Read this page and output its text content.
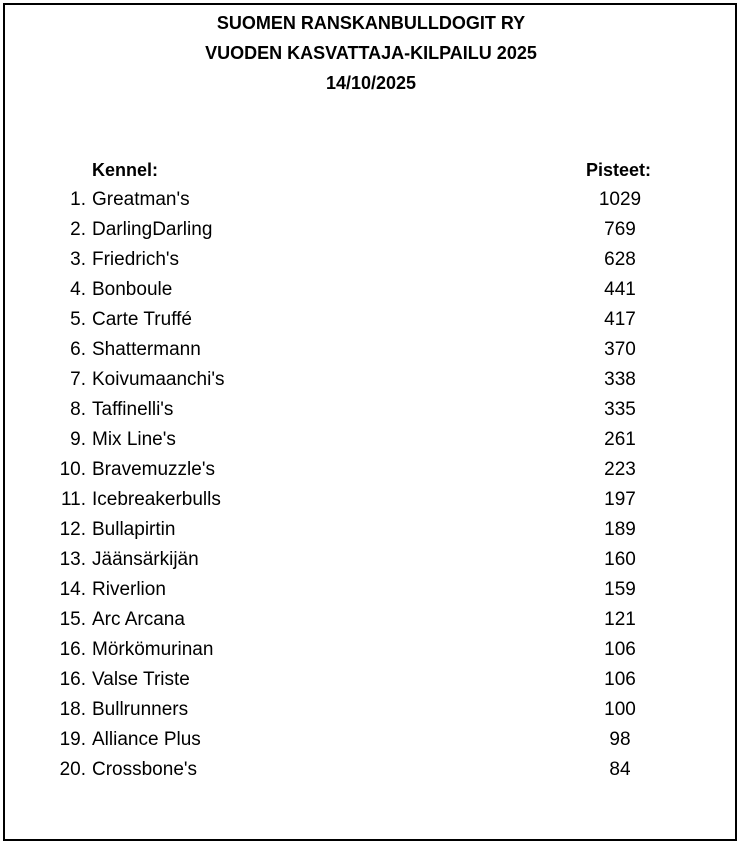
SUOMEN RANSKANBULLDOGIT RY
VUODEN KASVATTAJA-KILPAILU 2025
14/10/2025
Kennel:	Pisteet:
1. Greatman's	1029
2. DarlingDarling	769
3. Friedrich's	628
4. Bonboule	441
5. Carte Truffé	417
6. Shattermann	370
7. Koivumaanchi's	338
8. Taffinelli's	335
9. Mix Line's	261
10. Bravemuzzle's	223
11. Icebreakerbulls	197
12. Bullapirtin	189
13. Jäänsärkijän	160
14. Riverlion	159
15. Arc Arcana	121
16. Mörkömurinan	106
16. Valse Triste	106
18. Bullrunners	100
19. Alliance Plus	98
20. Crossbone's	84
